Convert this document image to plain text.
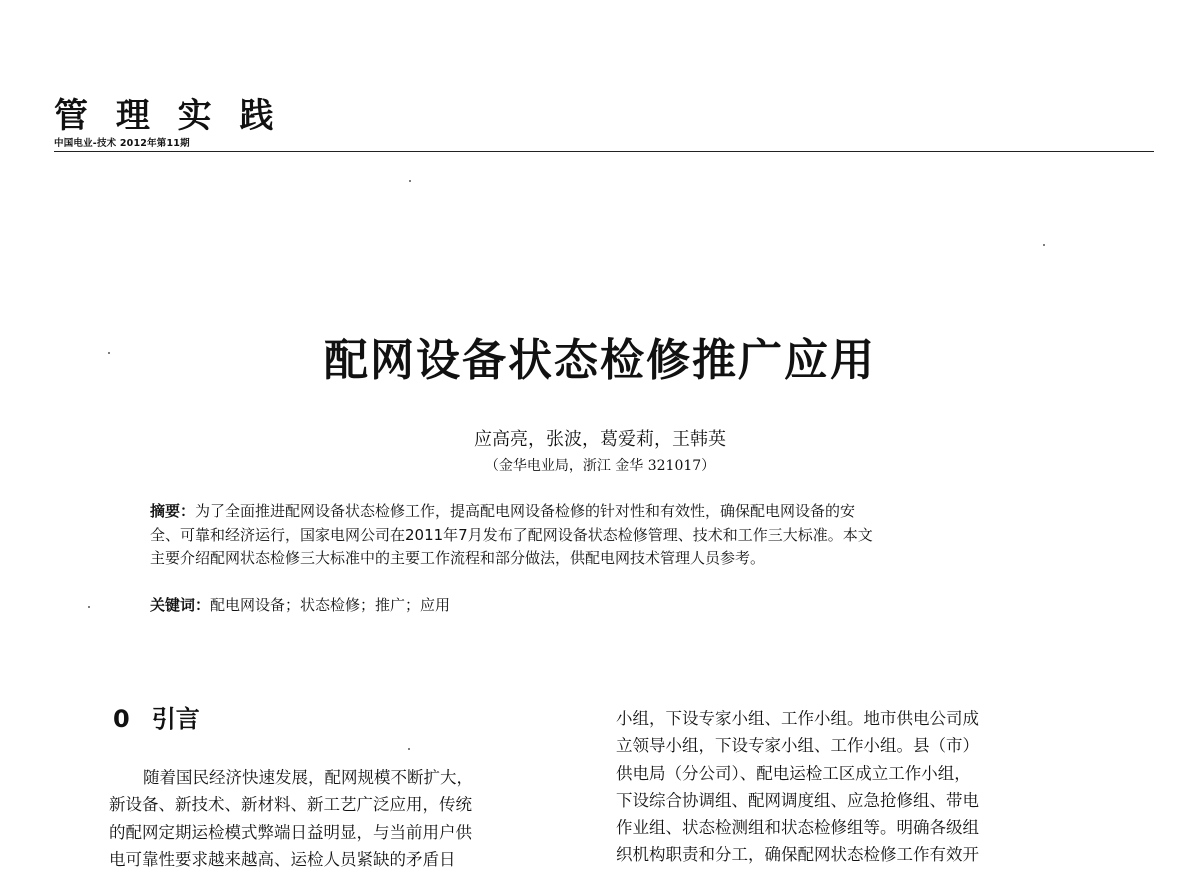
管 理 实 践
中国电业-技术 2012年第11期
配网设备状态检修推广应用
应高亮，张波，葛爱莉，王韩英
（金华电业局，浙江 金华 321017）
摘要：为了全面推进配网设备状态检修工作，提高配电网设备检修的针对性和有效性，确保配电网设备的安
全、可靠和经济运行，国家电网公司在2011年7月发布了配网设备状态检修管理、技术和工作三大标准。本文
主要介绍配网状态检修三大标准中的主要工作流程和部分做法，供配电网技术管理人员参考。
关键词：配电网设备；状态检修；推广；应用
0 引言
随着国民经济快速发展，配网规模不断扩大，
新设备、新技术、新材料、新工艺广泛应用，传统
的配网定期运检模式弊端日益明显，与当前用户供
电可靠性要求越来越高、运检人员紧缺的矛盾日
小组，下设专家小组、工作小组。地市供电公司成
立领导小组，下设专家小组、工作小组。县（市）
供电局（分公司）、配电运检工区成立工作小组，
下设综合协调组、配网调度组、应急抢修组、带电
作业组、状态检测组和状态检修组等。明确各级组
织机构职责和分工，确保配网状态检修工作有效开
